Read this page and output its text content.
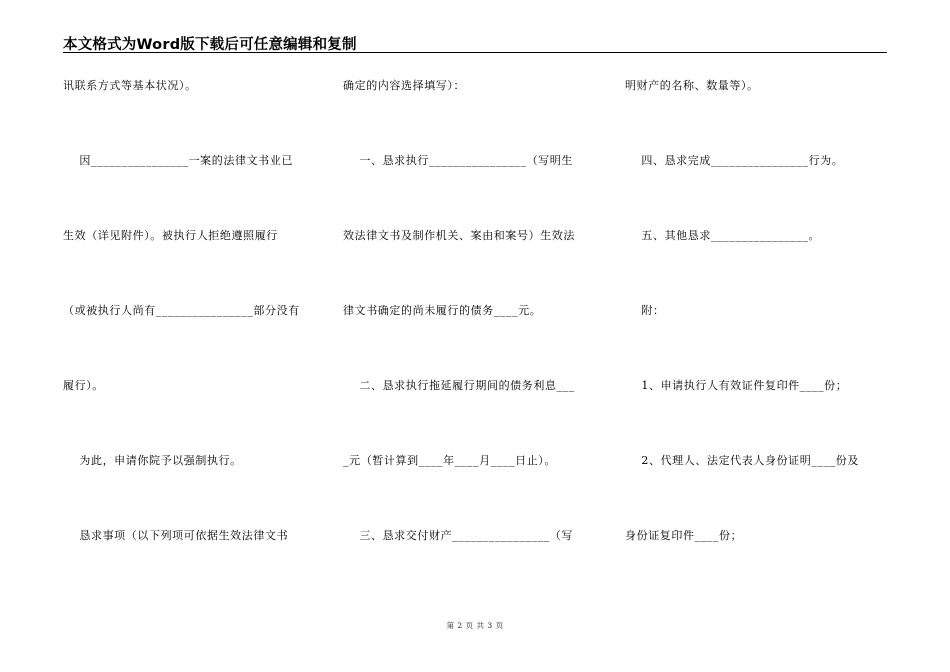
本文格式为Word版下载后可任意编辑和复制
讯联系方式等基本状况）。
因________________一案的法律文书业已
生效（详见附件）。被执行人拒绝遵照履行
（或被执行人尚有________________部分没有
履行）。
为此，申请你院予以强制执行。
恳求事项（以下列项可依据生效法律文书
确定的内容选择填写）：
一、恳求执行________________（写明生
效法律文书及制作机关、案由和案号）生效法
律文书确定的尚未履行的债务____元。
二、恳求执行拖延履行期间的债务利息___
_元（暂计算到____年____月____日止）。
三、恳求交付财产________________（写
明财产的名称、数量等）。
四、恳求完成________________行为。
五、其他恳求________________。
附：
1、申请执行人有效证件复印件____份；
2、代理人、法定代表人身份证明____份及
身份证复印件____份；
第 2 页 共 3 页
